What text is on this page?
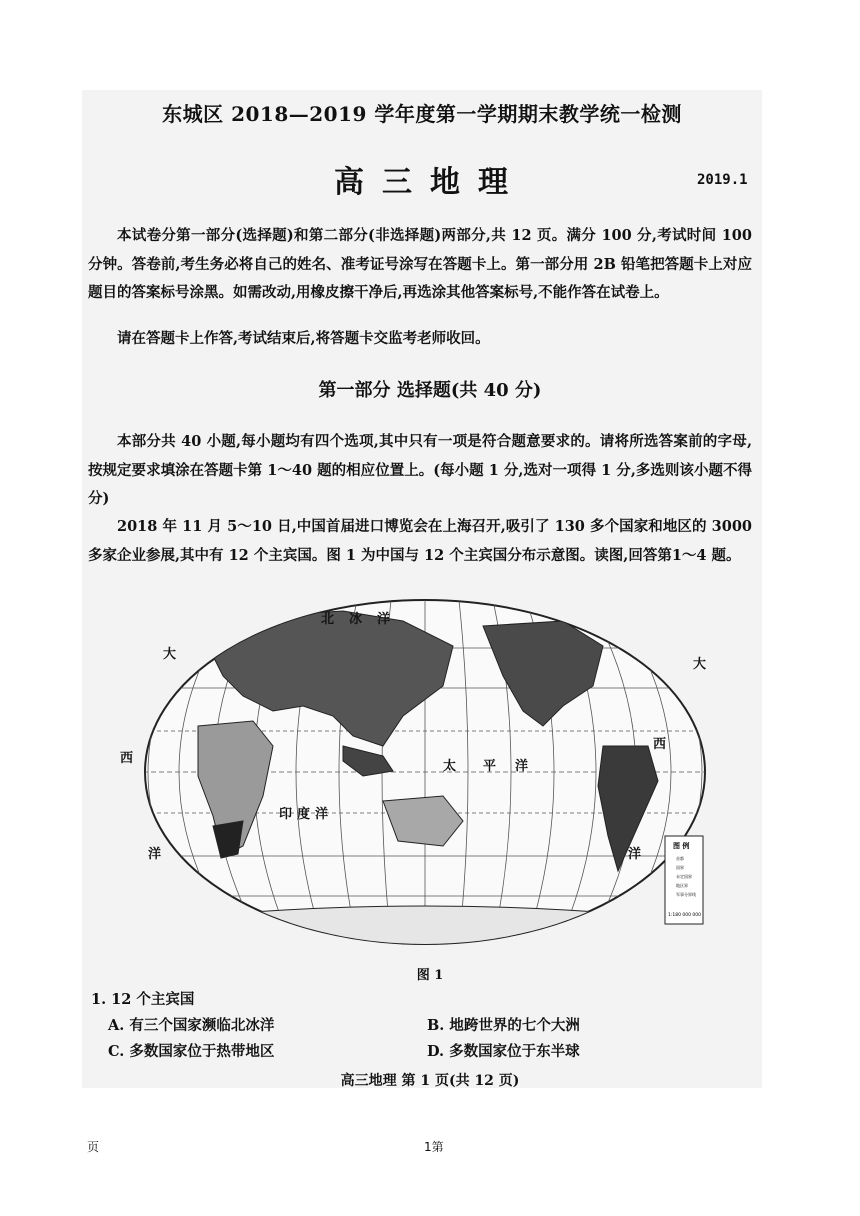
东城区 2018—2019 学年度第一学期期末教学统一检测
高三地理	2019.1

本试卷分第一部分(选择题)和第二部分(非选择题)两部分,共 12 页。满分 100 分,考试时间 100 分钟。答卷前,考生务必将自己的姓名、准考证号涂写在答题卡上。第一部分用 2B 铅笔把答题卡上对应题目的答案标号涂黑。如需改动,用橡皮擦干净后,再选涂其他答案标号,不能作答在试卷上。

请在答题卡上作答,考试结束后,将答题卡交监考老师收回。

第一部分 选择题(共 40 分)

本部分共 40 小题,每小题均有四个选项,其中只有一项是符合题意要求的。请将所选答案前的字母,按规定要求填涂在答题卡第 1～40 题的相应位置上。(每小题 1 分,选对一项得 1 分,多选则该小题不得分)

2018 年 11 月 5～10 日,中国首届进口博览会在上海召开,吸引了 130 多个国家和地区的 3000 多家企业参展,其中有 12 个主宾国。图 1 为中国与 12 个主宾国分布示意图。读图,回答第1～4 题。

北 冰 洋
大
西
洋
太 平 洋
印 度 洋
大
西
洋
图 例
首都
国界
未定国界
地区界
军事分界线
1:180 000 000
图 1
1. 12 个主宾国
A. 有三个国家濒临北冰洋	B. 地跨世界的七个大洲
C. 多数国家位于热带地区	D. 多数国家位于东半球
高三地理 第 1 页(共 12 页)
页	1第
